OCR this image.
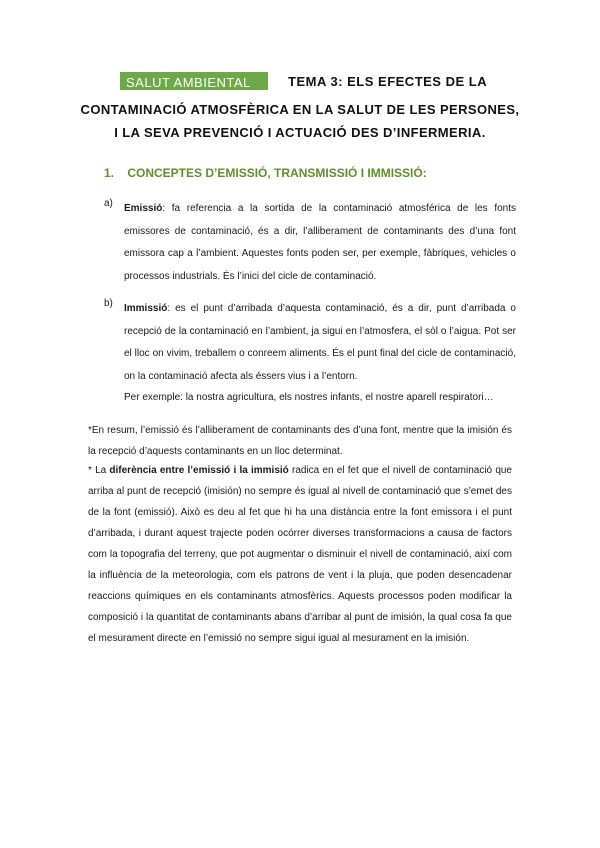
SALUT AMBIENTAL	TEMA 3: ELS EFECTES DE LA
CONTAMINACIÓ ATMOSFÈRICA EN LA SALUT DE LES PERSONES,
I LA SEVA PREVENCIÓ I ACTUACIÓ DES D’INFERMERIA.
1. CONCEPTES D’EMISSIÓ, TRANSMISSIÓ I IMMISSIÓ:
a)	Emissió: fa referencia a la sortida de la contaminació atmosférica de les fonts emissores de contaminació, és a dir, l’alliberament de contaminants des d’una font emissora cap a l’ambient. Aquestes fonts poden ser, per exemple, fàbriques, vehicles o processos industrials. És l’inici del cicle de contaminació.

b)	Immissió: es el punt d’arribada d’aquesta contaminació, és a dir, punt d’arribada o recepció de la contaminació en l’ambient, ja sigui en l’atmosfera, el sòl o l’aigua. Pot ser el lloc on vivim, treballem o conreem aliments. És el punt final del cicle de contaminació, on la contaminació afecta als éssers vius i a l’entorn.

Per exemple: la nostra agricultura, els nostres infants, el nostre aparell respiratori…

*En resum, l’emissió és l’alliberament de contaminants des d’una font, mentre que la imisión és la recepció d’aquests contaminants en un lloc determinat.

* La diferència entre l’emissió i la immisió radica en el fet que el nivell de contaminació que arriba al punt de recepció (imisión) no sempre és igual al nivell de contaminació que s’emet des de la font (emissió). Això es deu al fet que hi ha una distància entre la font emissora i el punt d’arribada, i durant aquest trajecte poden ocórrer diverses transformacions a causa de factors com la topografia del terreny, que pot augmentar o disminuir el nivell de contaminació, així com la influència de la meteorologia, com els patrons de vent i la pluja, que poden desencadenar reaccions químiques en els contaminants atmosfèrics. Aquests processos poden modificar la composició i la quantitat de contaminants abans d’arribar al punt de imisión, la qual cosa fa que el mesurament directe en l’emissió no sempre sigui igual al mesurament en la imisión.
